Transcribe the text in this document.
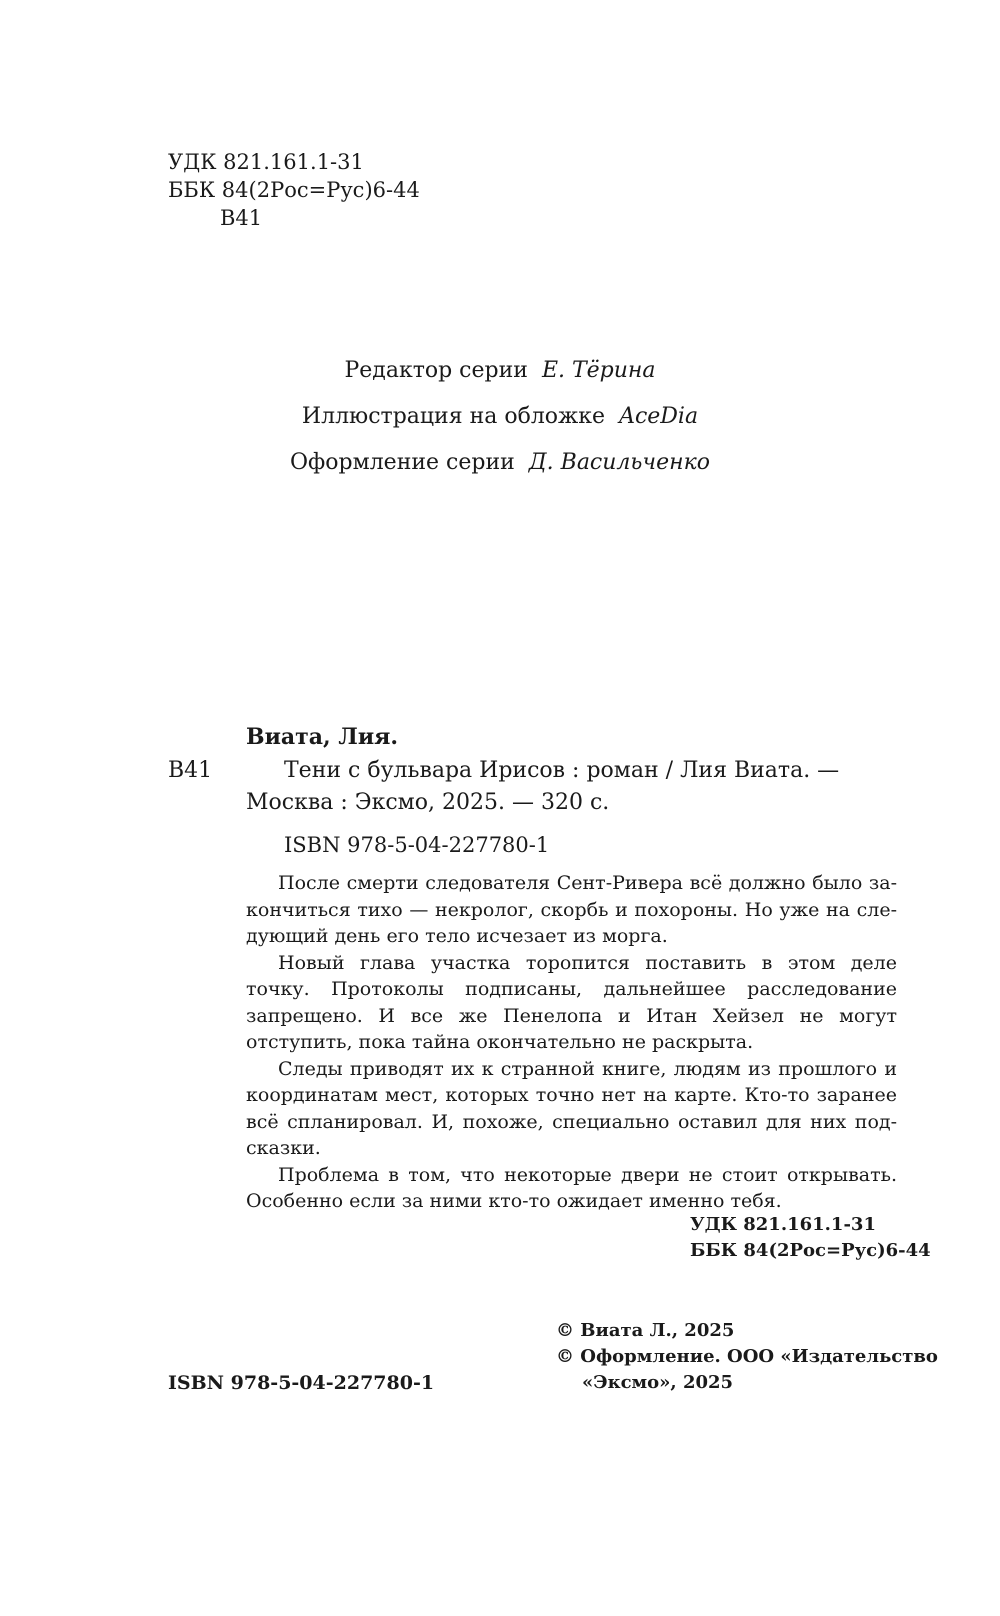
УДК 821.161.1-31
ББК 84(2Рос=Рус)6-44
В41
Редактор серии Е. Тёрина
Иллюстрация на обложке AceDia
Оформление серии Д. Васильченко
Виата, Лия.
В41	Тени с бульвара Ирисов : роман / Лия Виата. —
Москва : Эксмо, 2025. — 320 с.
ISBN 978-5-04-227780-1

После смерти следователя Сент-Ривера всё должно было закончиться тихо — некролог, скорбь и похороны. Но уже на следующий день его тело исчезает из морга.

Новый глава участка торопится поставить в этом деле точку. Протоколы подписаны, дальнейшее расследование запрещено. И все же Пенелопа и Итан Хейзел не могут отступить, пока тайна окончательно не раскрыта.

Следы приводят их к странной книге, людям из прошлого и координатам мест, которых точно нет на карте. Кто-то заранее всё спланировал. И, похоже, специально оставил для них подсказки.

Проблема в том, что некоторые двери не стоит открывать. Особенно если за ними кто-то ожидает именно тебя.

УДК 821.161.1-31
ББК 84(2Рос=Рус)6-44
© Виата Л., 2025
© Оформление. ООО «Издательство
«Эксмо», 2025
ISBN 978-5-04-227780-1
